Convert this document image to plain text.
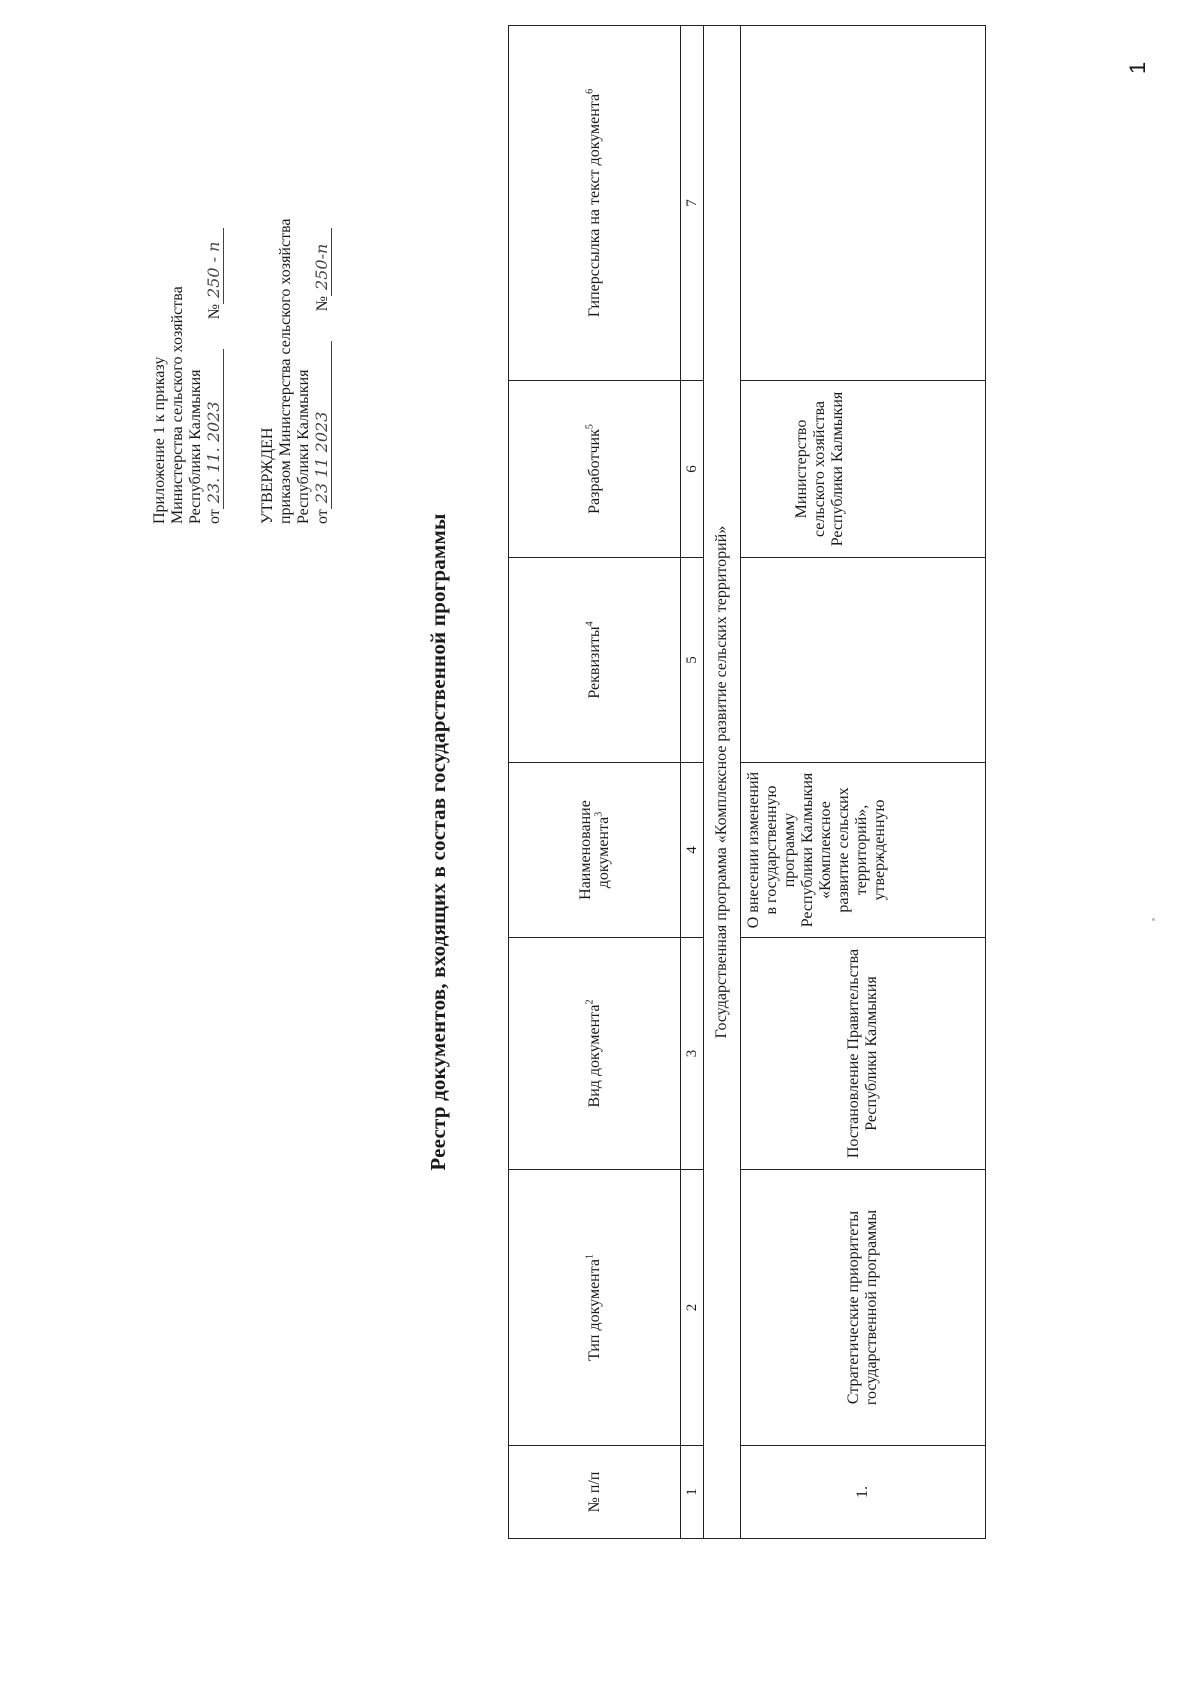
1
Приложение 1 к приказу Министерства сельского хозяйства Республики Калмыкия от23. 11. 2023№250 - п
УТВЕРЖДЕН приказом Министерства сельского хозяйства Республики Калмыкия от23 11 2023№250-п
Реестр документов, входящих в состав государственной программы
№ п/п	Тип документа$^1$	Вид документа$^2$	Наименование документа$^3$	Реквизиты$^4$	Разработчик$^5$	Гиперссылка на текст документа$^6$
1	2	3	4	5	6	7
Государственная программа «Комплексное развитие сельских территорий»						
1.	Стратегические приоритеты государственной программы	Постановление Правительства Республики Калмыкия	О внесении изменений в государственную программу Республики Калмыкия «Комплексное развитие сельских территорий», утвержденную		Министерство сельского хозяйства Республики Калмыкия	
